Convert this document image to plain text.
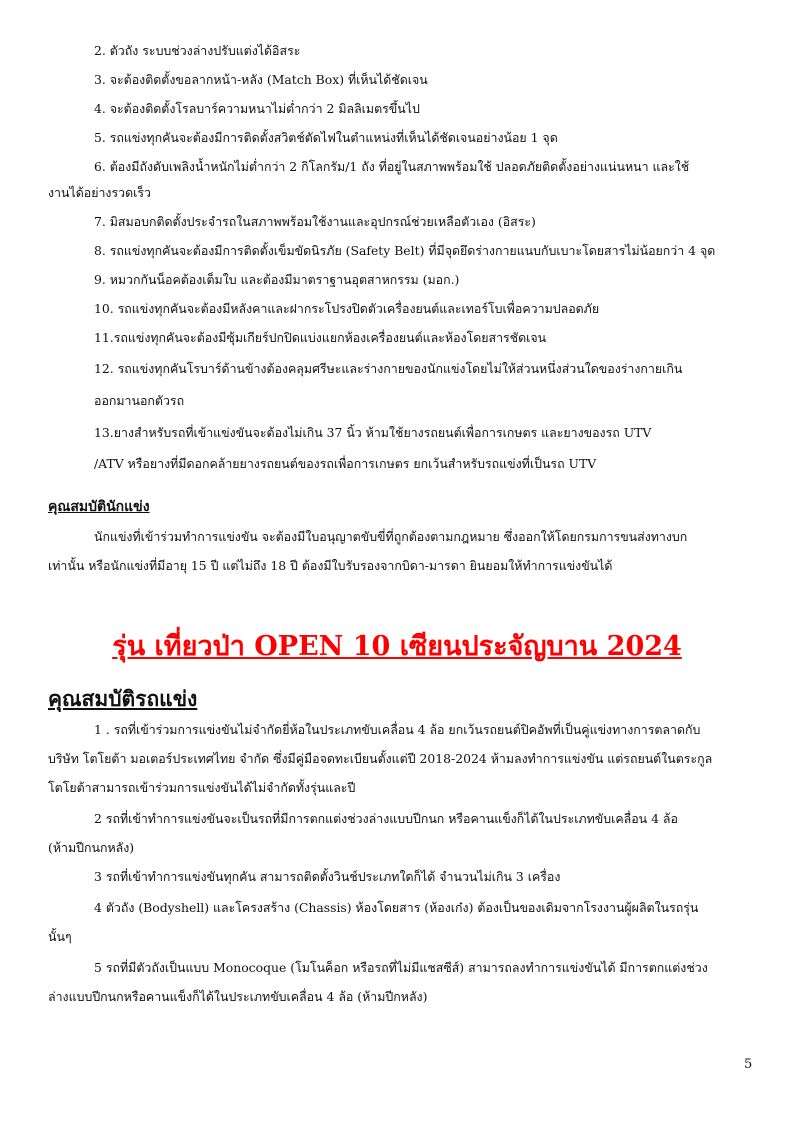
2. ตัวถัง ระบบช่วงล่างปรับแต่งได้อิสระ
3. จะต้องติดตั้งขอลากหน้า-หลัง (Match Box) ที่เห็นได้ชัดเจน
4. จะต้องติดตั้งโรลบาร์ความหนาไม่ต่ำกว่า 2 มิลลิเมตรขึ้นไป
5. รถแข่งทุกคันจะต้องมีการติดตั้งสวิตช์ตัดไฟในตำแหน่งที่เห็นได้ชัดเจนอย่างน้อย 1 จุด
6. ต้องมีถังดับเพลิงน้ำหนักไม่ต่ำกว่า 2 กิโลกรัม/1 ถัง ที่อยู่ในสภาพพร้อมใช้ ปลอดภัยติดตั้งอย่างแน่นหนา และใช้
งานได้อย่างรวดเร็ว
7. มิสมอบกติดตั้งประจำรถในสภาพพร้อมใช้งานและอุปกรณ์ช่วยเหลือตัวเอง (อิสระ)
8. รถแข่งทุกคันจะต้องมีการติดตั้งเข็มขัดนิรภัย (Safety Belt) ที่มีจุดยึดร่างกายแนบกับเบาะโดยสารไม่น้อยกว่า 4 จุด
9. หมวกกันน็อคต้องเต็มใบ และต้องมีมาตราฐานอุตสาหกรรม (มอก.)
10. รถแข่งทุกคันจะต้องมีหลังคาและฝากระโปรงปิดตัวเครื่องยนต์และเทอร์โบเพื่อความปลอดภัย
11.รถแข่งทุกคันจะต้องมีซุ้มเกียร์ปกปิดแบ่งแยกห้องเครื่องยนต์และห้องโดยสารชัดเจน
12. รถแข่งทุกคันโรบาร์ด้านข้างต้องคลุมศรีษะและร่างกายของนักแข่งโดยไม่ให้ส่วนหนึ่งส่วนใดของร่างกายเกิน
ออกมานอกตัวรถ
13.ยางสำหรับรถที่เข้าแข่งขันจะต้องไม่เกิน 37 นิ้ว ห้ามใช้ยางรถยนต์เพื่อการเกษตร และยางของรถ UTV
/ATV หรือยางที่มีดอกคล้ายยางรถยนต์ของรถเพื่อการเกษตร ยกเว้นสำหรับรถแข่งที่เป็นรถ UTV
คุณสมบัตินักแข่ง
นักแข่งที่เข้าร่วมทำการแข่งขัน จะต้องมีใบอนุญาตขับขี่ที่ถูกต้องตามกฎหมาย ซึ่งออกให้โดยกรมการขนส่งทางบก
เท่านั้น หรือนักแข่งที่มีอายุ 15 ปี แต่ไม่ถึง 18 ปี ต้องมีใบรับรองจากบิดา-มารดา ยินยอมให้ทำการแข่งขันได้
รุ่น เที่ยวป่า OPEN 10 เซียนประจัญบาน 2024
คุณสมบัติรถแข่ง
1 . รถที่เข้าร่วมการแข่งขันไม่จำกัดยี่ห้อในประเภทขับเคลื่อน 4 ล้อ ยกเว้นรถยนต์ปิคอัพที่เป็นคู่แข่งทางการตลาดกับ
บริษัท โตโยต้า มอเตอร์ประเทศไทย จำกัด ซึ่งมีคู่มือจดทะเบียนตั้งแต่ปี 2018-2024 ห้ามลงทำการแข่งขัน แต่รถยนต์ในตระกูล
โตโยต้าสามารถเข้าร่วมการแข่งขันได้ไม่จำกัดทั้งรุ่นและปี
2 รถที่เข้าทำการแข่งขันจะเป็นรถที่มีการตกแต่งช่วงล่างแบบปีกนก หรือคานแข็งก็ได้ในประเภทขับเคลื่อน 4 ล้อ
(ห้ามปีกนกหลัง)
3 รถที่เข้าทำการแข่งขันทุกคัน สามารถติดตั้งวินช์ประเภทใดก็ได้ จำนวนไม่เกิน 3 เครื่อง
4 ตัวถัง (Bodyshell) และโครงสร้าง (Chassis) ห้องโดยสาร (ห้องเก๋ง) ต้องเป็นของเดิมจากโรงงานผู้ผลิตในรถรุ่น
นั้นๆ
5 รถที่มีตัวถังเป็นแบบ Monocoque (โมโนค็อก หรือรถที่ไม่มีแชสซีส์) สามารถลงทำการแข่งขันได้ มีการตกแต่งช่วง
ล่างแบบปีกนกหรือคานแข็งก็ได้ในประเภทขับเคลื่อน 4 ล้อ (ห้ามปีกหลัง)
5
